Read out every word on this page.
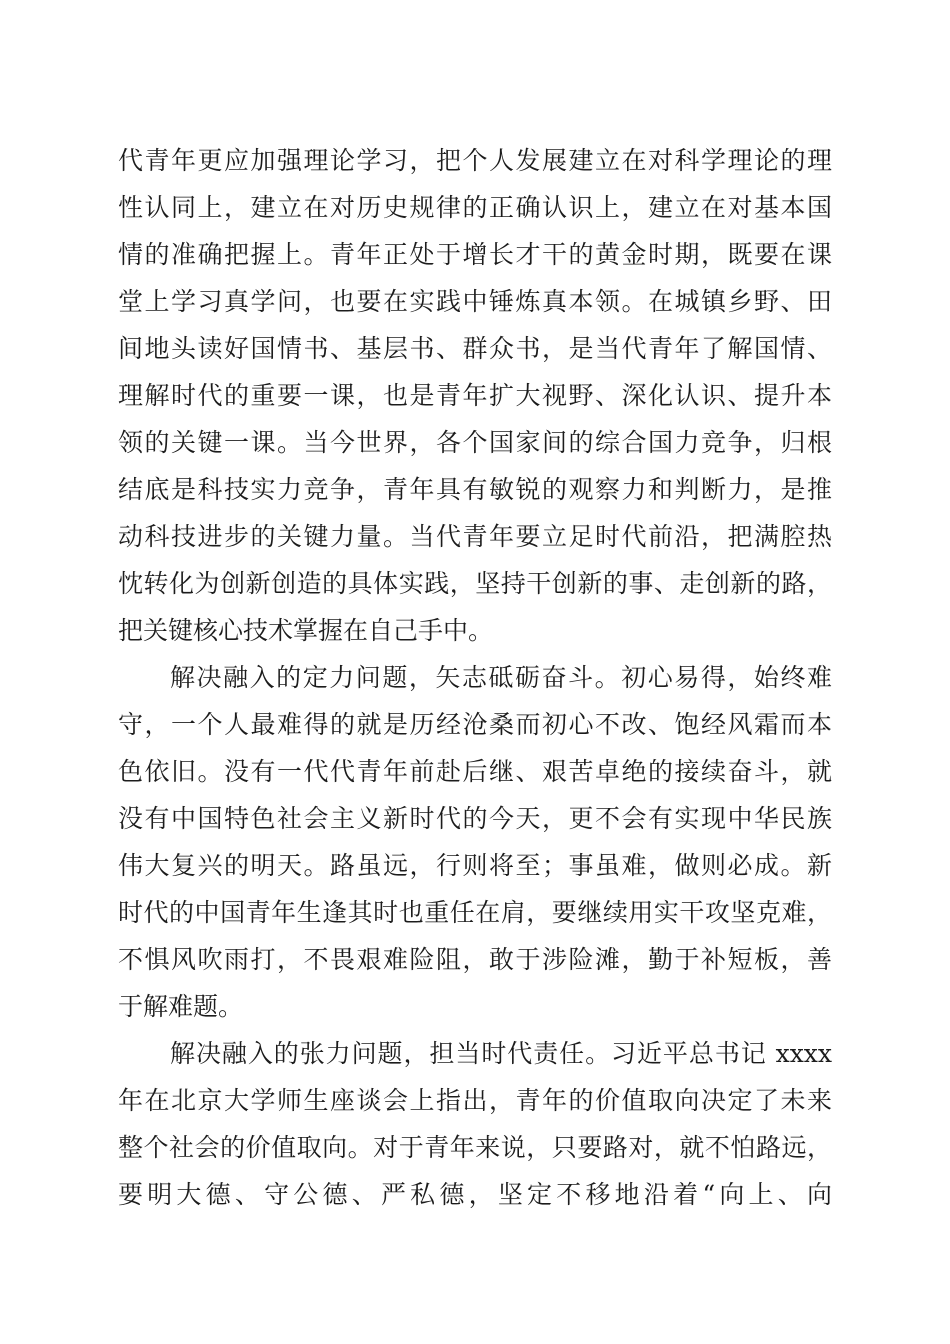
代青年更应加强理论学习，把个人发展建立在对科学理论的理
性认同上，建立在对历史规律的正确认识上，建立在对基本国
情的准确把握上。青年正处于增长才干的黄金时期，既要在课
堂上学习真学问，也要在实践中锤炼真本领。在城镇乡野、田
间地头读好国情书、基层书、群众书，是当代青年了解国情、
理解时代的重要一课，也是青年扩大视野、深化认识、提升本
领的关键一课。当今世界，各个国家间的综合国力竞争，归根
结底是科技实力竞争，青年具有敏锐的观察力和判断力，是推
动科技进步的关键力量。当代青年要立足时代前沿，把满腔热
忱转化为创新创造的具体实践，坚持干创新的事、走创新的路，
把关键核心技术掌握在自己手中。
解决融入的定力问题，矢志砥砺奋斗。初心易得，始终难
守，一个人最难得的就是历经沧桑而初心不改、饱经风霜而本
色依旧。没有一代代青年前赴后继、艰苦卓绝的接续奋斗，就
没有中国特色社会主义新时代的今天，更不会有实现中华民族
伟大复兴的明天。路虽远，行则将至；事虽难，做则必成。新
时代的中国青年生逢其时也重任在肩，要继续用实干攻坚克难，
不惧风吹雨打，不畏艰难险阻，敢于涉险滩，勤于补短板，善
于解难题。
解决融入的张力问题，担当时代责任。习近平总书记 xxxx
年在北京大学师生座谈会上指出，青年的价值取向决定了未来
整个社会的价值取向。对于青年来说，只要路对，就不怕路远，
要明大德、守公德、严私德，坚定不移地沿着“向上、向
